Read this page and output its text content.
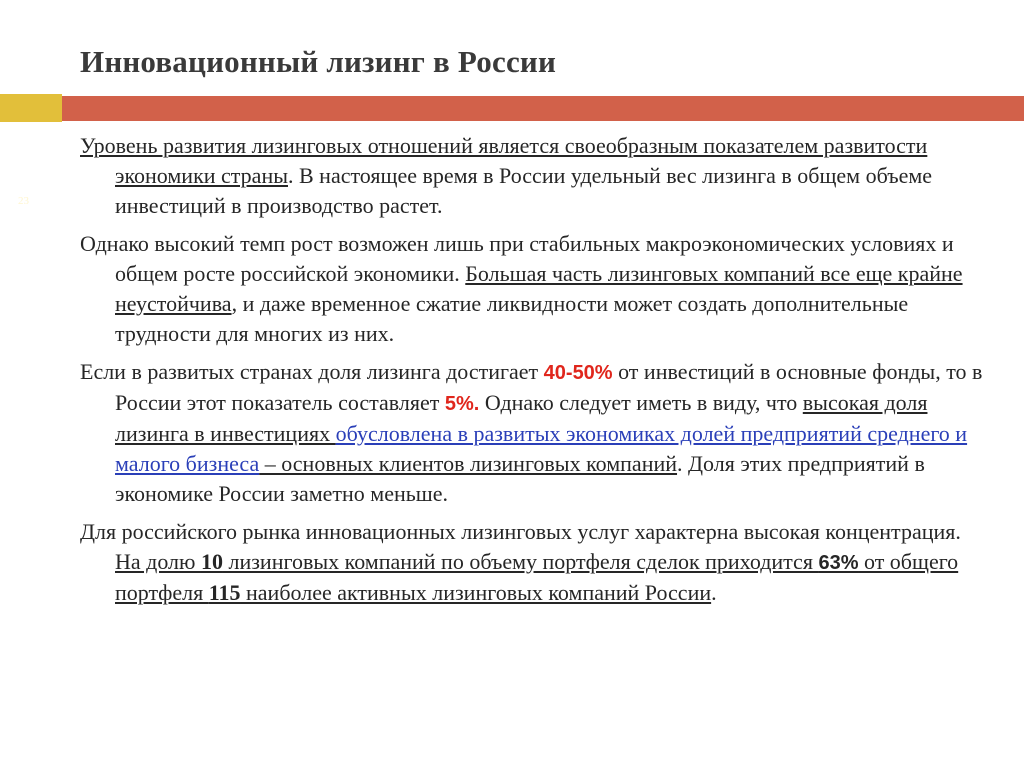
Инновационный лизинг в России
23

Уровень развития лизинговых отношений является своеобразным показателем развитости экономики страны. В настоящее время в России удельный вес лизинга в общем объеме инвестиций в производство растет.

Однако высокий темп рост возможен лишь при стабильных макроэкономических условиях и общем росте российской экономики. Большая часть лизинговых компаний все еще крайне неустойчива, и даже временное сжатие ликвидности может создать дополнительные трудности для многих из них.

Если в развитых странах доля лизинга достигает 40-50% от инвестиций в основные фонды, то в России этот показатель составляет 5%. Однако следует иметь в виду, что высокая доля лизинга в инвестициях обусловлена в развитых экономиках долей предприятий среднего и малого бизнеса – основных клиентов лизинговых компаний. Доля этих предприятий в экономике России заметно меньше.

Для российского рынка инновационных лизинговых услуг характерна высокая концентрация. На долю 10 лизинговых компаний по объему портфеля сделок приходится 63% от общего портфеля 115 наиболее активных лизинговых компаний России.
